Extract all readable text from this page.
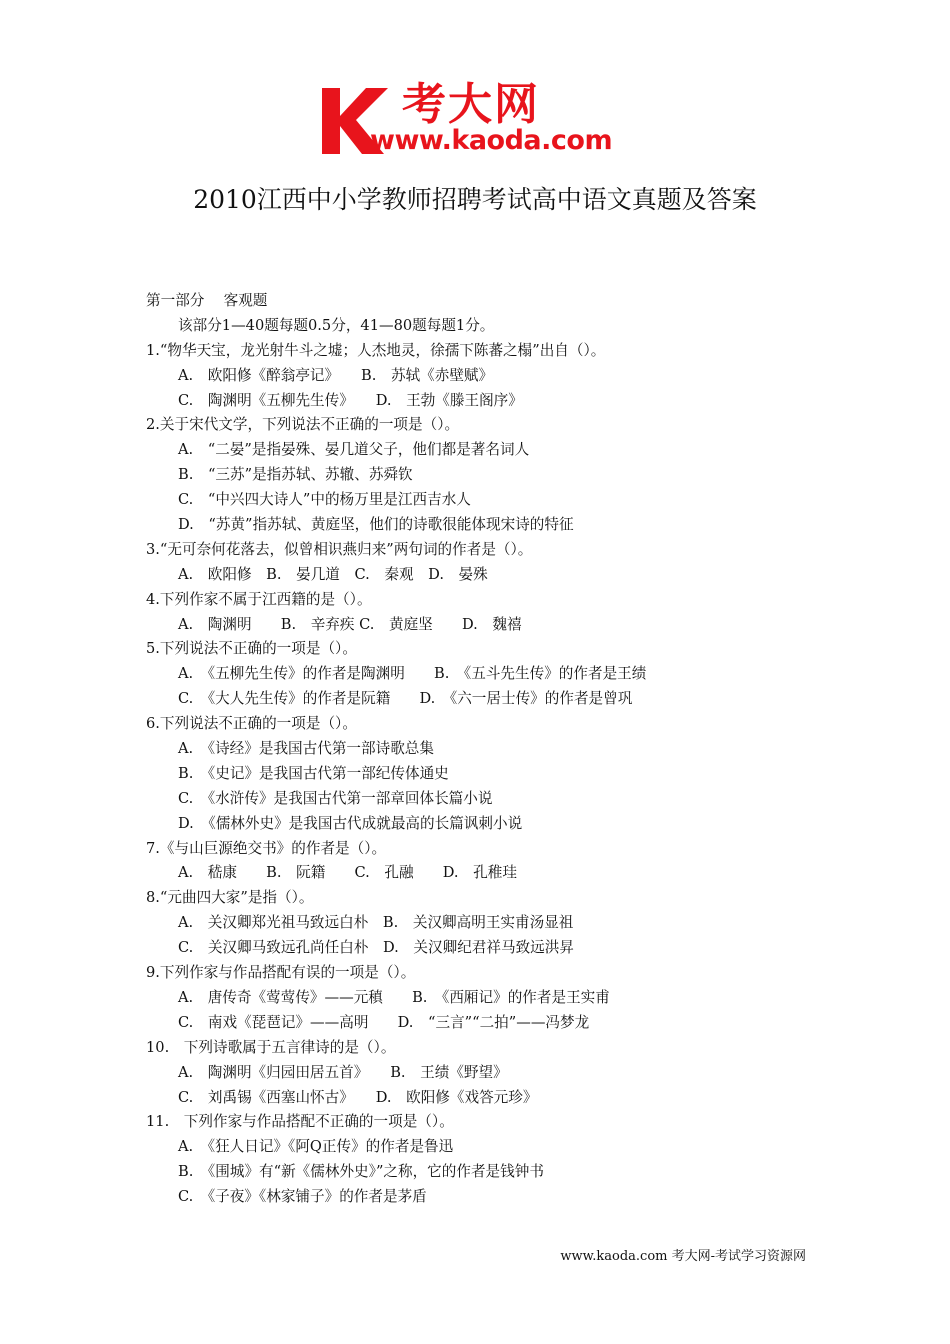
考大网
www.kaoda.com
2010江西中小学教师招聘考试高中语文真题及答案
第一部分　 客观题
该部分1—40题每题0.5分，41—80题每题1分。
1.“物华天宝，龙光射牛斗之墟；人杰地灵，徐孺下陈蕃之榻”出自（）。
A.　欧阳修《醉翁亭记》　　B.　苏轼《赤壁赋》
C.　陶渊明《五柳先生传》　　D.　王勃《滕王阁序》
2.关于宋代文学，下列说法不正确的一项是（）。
A.　“二晏”是指晏殊、晏几道父子，他们都是著名词人
B.　“三苏”是指苏轼、苏辙、苏舜钦
C.　“中兴四大诗人”中的杨万里是江西吉水人
D.　“苏黄”指苏轼、黄庭坚，他们的诗歌很能体现宋诗的特征
3.“无可奈何花落去，似曾相识燕归来”两句词的作者是（）。
A.　欧阳修　B.　晏几道　C.　秦观　D.　晏殊
4.下列作家不属于江西籍的是（）。
A.　陶渊明　　B.　辛弃疾 C.　黄庭坚　　D.　魏禧
5.下列说法不正确的一项是（）。
A.　《五柳先生传》的作者是陶渊明　　B.　《五斗先生传》的作者是王绩
C.　《大人先生传》的作者是阮籍　　D.　《六一居士传》的作者是曾巩
6.下列说法不正确的一项是（）。
A.　《诗经》是我国古代第一部诗歌总集
B.　《史记》是我国古代第一部纪传体通史
C.　《水浒传》是我国古代第一部章回体长篇小说
D.　《儒林外史》是我国古代成就最高的长篇讽刺小说
7.《与山巨源绝交书》的作者是（）。
A.　嵇康　　B.　阮籍　　C.　孔融　　D.　孔稚珪
8.“元曲四大家”是指（）。
A.　关汉卿郑光祖马致远白朴　B.　关汉卿高明王实甫汤显祖
C.　关汉卿马致远孔尚任白朴　D.　关汉卿纪君祥马致远洪昇
9.下列作家与作品搭配有误的一项是（）。
A.　唐传奇《莺莺传》——元稹　　B.　《西厢记》的作者是王实甫
C.　南戏《琵琶记》——高明　　D.　“三言”“二拍”——冯梦龙
10.　下列诗歌属于五言律诗的是（）。
A.　陶渊明《归园田居五首》　　B.　王绩《野望》
C.　刘禹锡《西塞山怀古》　　D.　欧阳修《戏答元珍》
11.　下列作家与作品搭配不正确的一项是（）。
A.　《狂人日记》《阿Q正传》的作者是鲁迅
B.　《围城》有“新《儒林外史》”之称，它的作者是钱钟书
C.　《子夜》《林家铺子》的作者是茅盾
www.kaoda.com 考大网-考试学习资源网
